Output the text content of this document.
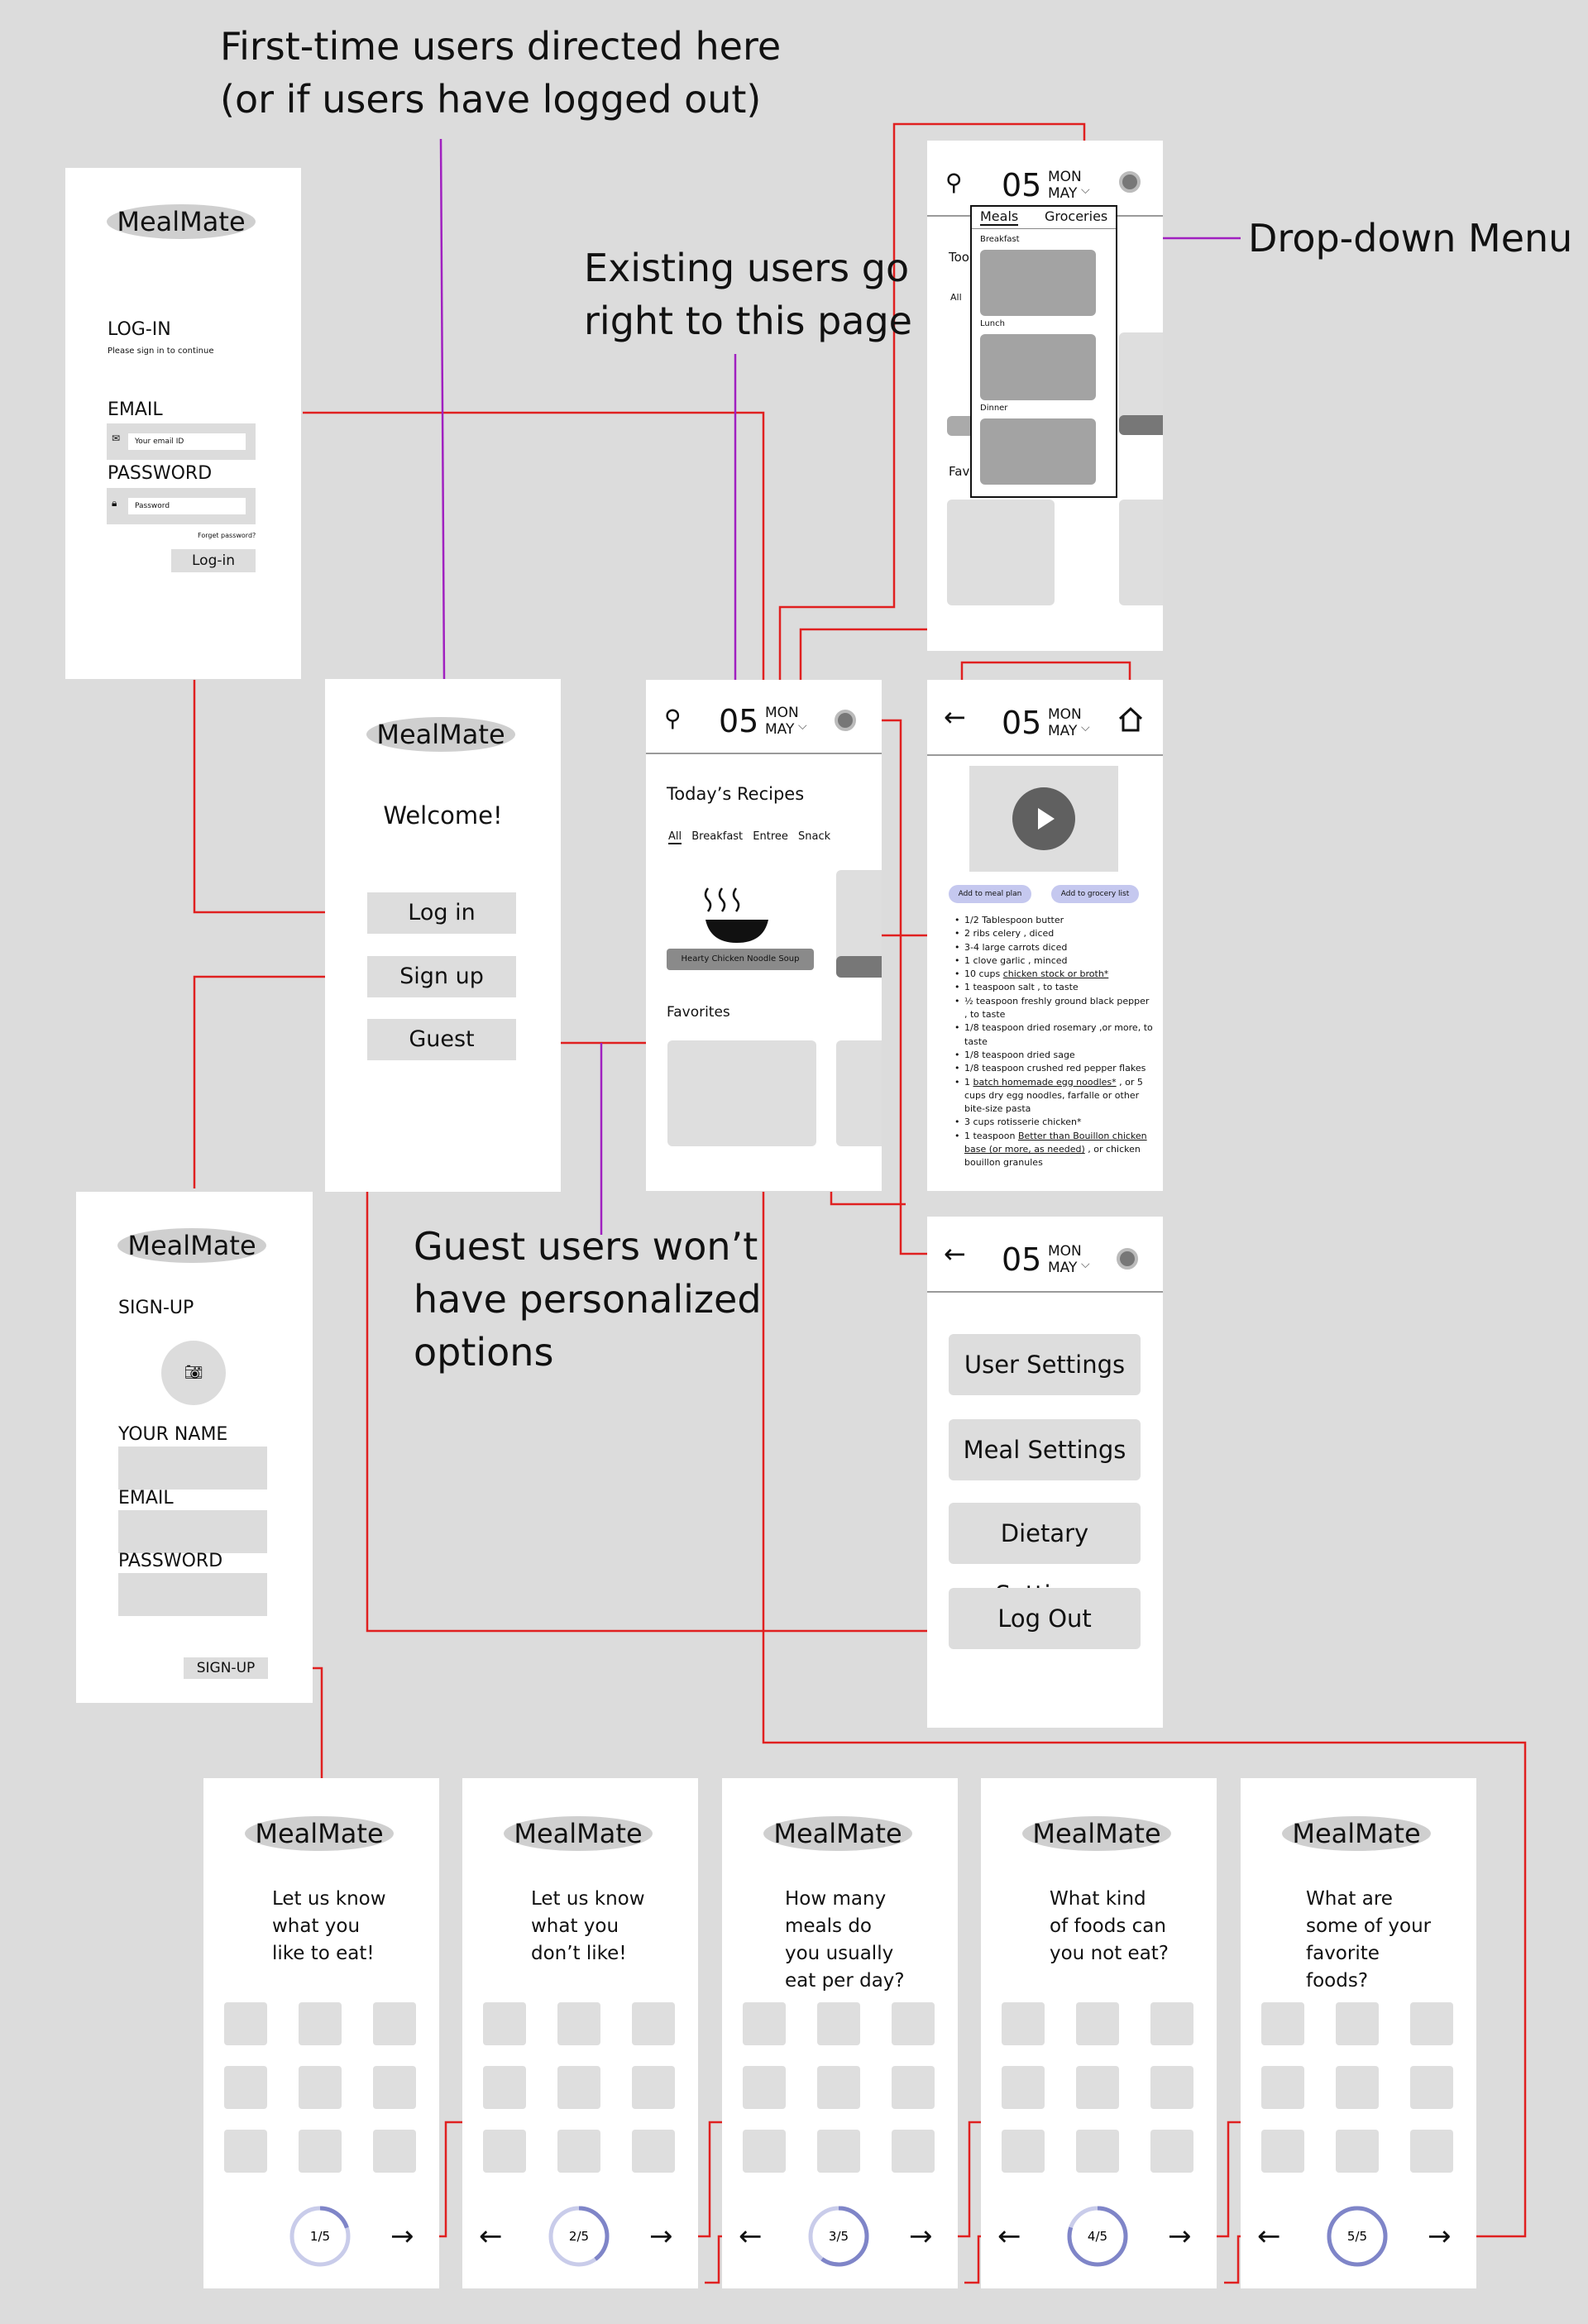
First-time users directed here
(or if users have logged out)
Existing users go
right to this page
Drop-down Menu
Guest users won’t
have personalized
options
MealMate
LOG-IN
Please sign in to continue
EMAIL
✉	Your email ID
PASSWORD
🔒︎	Password
Forget password?
Log-in
MealMate
Welcome!
Log in
Sign up
Guest
MealMate
SIGN-UP
📷︎
YOUR NAME
EMAIL
PASSWORD
SIGN-UP
⚲ 05 MON
MAY ⌵
Too
All
Fav
Meals Groceries
Breakfast
Lunch
Dinner
⚲ 05 MON
MAY ⌵
Today’s Recipes
All Breakfast Entree Snack
Hearty Chicken Noodle Soup
Favorites
← 05 MON
MAY ⌵
Add to meal plan	Add to grocery list
• 1/2 Tablespoon butter
• 2 ribs celery , diced
• 3-4 large carrots diced
• 1 clove garlic , minced
• 10 cups chicken stock or broth*
• 1 teaspoon salt , to taste
• ½ teaspoon freshly ground black pepper , to taste
• 1/8 teaspoon dried rosemary ,or more, to taste
• 1/8 teaspoon dried sage
• 1/8 teaspoon crushed red pepper flakes
• 1 batch homemade egg noodles* , or 5 cups dry egg noodles, farfalle or other bite-size pasta
• 3 cups rotisserie chicken*
• 1 teaspoon Better than Bouillon chicken base (or more, as needed) , or chicken bouillon granules
← 05 MON
MAY ⌵
User Settings
Meal Settings
Dietary
Log Out
MealMate
Let us know
what you
like to eat!
1/5 →
MealMate
Let us know
what you
don’t like!
2/5 →
←
MealMate
How many
meals do
you usually
eat per day?
3/5 →
←
MealMate
What kind
of foods can
you not eat?
4/5 →
←
MealMate
What are
some of your
favorite
foods?
5/5 →
←
